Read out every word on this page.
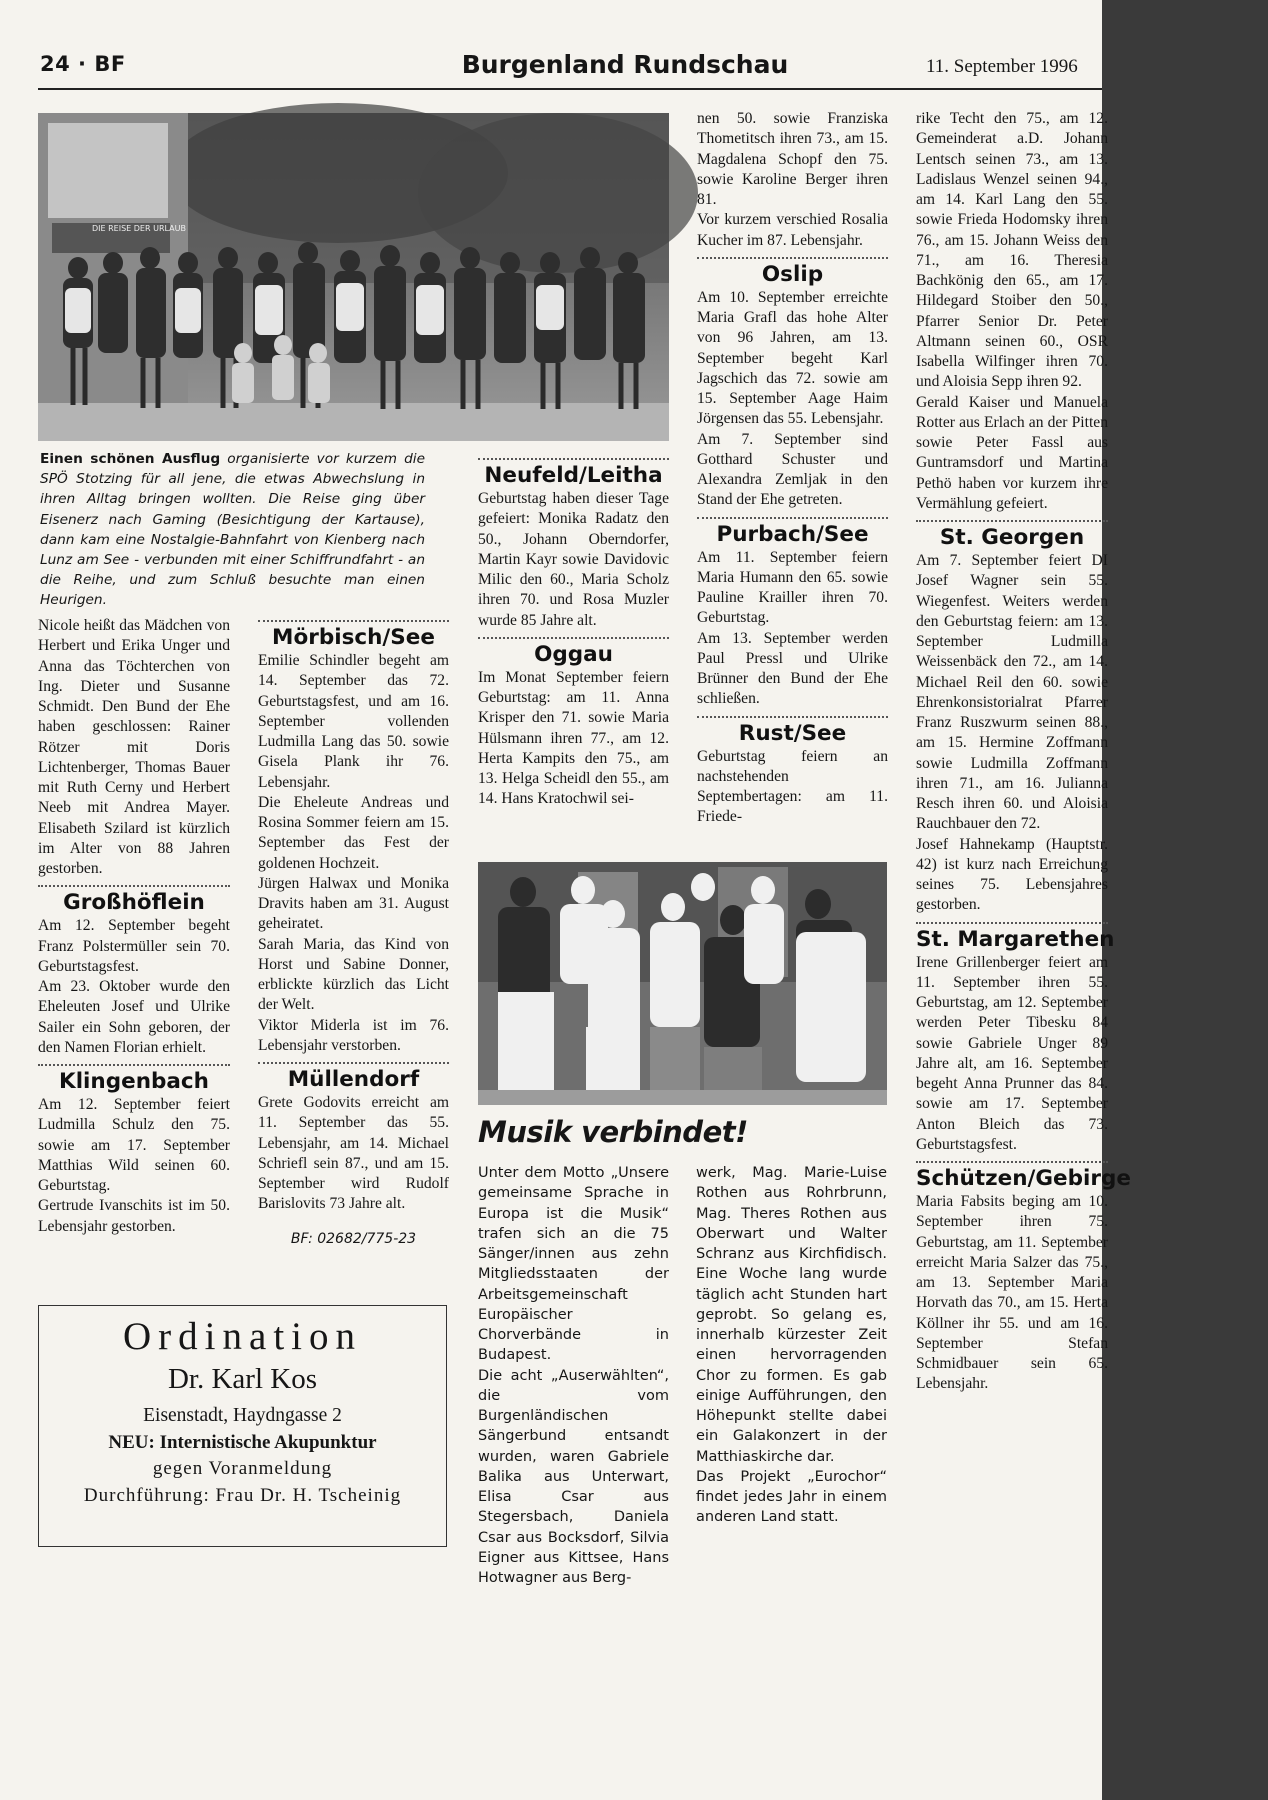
24 · BF	Burgenland Rundschau	11. September 1996
DIE REISE DER URLAUB
Einen schönen Ausflug organisierte vor kurzem die SPÖ Stotzing für all jene, die etwas Abwechslung in ihren Alltag bringen wollten. Die Reise ging über Eisenerz nach Gaming (Besichtigung der Kartause), dann kam eine Nostalgie-Bahnfahrt von Kienberg nach Lunz am See - verbunden mit einer Schiffrundfahrt - an die Reihe, und zum Schluß besuchte man einen Heurigen.

Nicole heißt das Mädchen von Herbert und Erika Unger und Anna das Töchterchen von Ing. Dieter und Susanne Schmidt. Den Bund der Ehe haben geschlossen: Rainer Rötzer mit Doris Lichtenberger, Thomas Bauer mit Ruth Cerny und Herbert Neeb mit Andrea Mayer. Elisabeth Szilard ist kürzlich im Alter von 88 Jahren gestorben.

Großhöflein

Am 12. September begeht Franz Polstermüller sein 70. Geburtstagsfest.

Am 23. Oktober wurde den Eheleuten Josef und Ulrike Sailer ein Sohn geboren, der den Namen Florian erhielt.

Klingenbach

Am 12. September feiert Ludmilla Schulz den 75. sowie am 17. September Matthias Wild seinen 60. Geburtstag.

Gertrude Ivanschits ist im 50. Lebensjahr gestorben.

Mörbisch/See

Emilie Schindler begeht am 14. September das 72. Geburtstagsfest, und am 16. September vollenden Ludmilla Lang das 50. sowie Gisela Plank ihr 76. Lebensjahr.

Die Eheleute Andreas und Rosina Sommer feiern am 15. September das Fest der goldenen Hochzeit.

Jürgen Halwax und Monika Dravits haben am 31. August geheiratet.

Sarah Maria, das Kind von Horst und Sabine Donner, erblickte kürzlich das Licht der Welt.

Viktor Miderla ist im 76. Lebensjahr verstorben.

Müllendorf

Grete Godovits erreicht am 11. September das 55. Lebensjahr, am 14. Michael Schriefl sein 87., und am 15. September wird Rudolf Barislovits 73 Jahre alt.

BF: 02682/775-23
Neufeld/Leitha

Geburtstag haben dieser Tage gefeiert: Monika Radatz den 50., Johann Oberndorfer, Martin Kayr sowie Davidovic Milic den 60., Maria Scholz ihren 70. und Rosa Muzler wurde 85 Jahre alt.

Oggau

Im Monat September feiern Geburtstag: am 11. Anna Krisper den 71. sowie Maria Hülsmann ihren 77., am 12. Herta Kampits den 75., am 13. Helga Scheidl den 55., am 14. Hans Kratochwil sei-

nen 50. sowie Franziska Thometitsch ihren 73., am 15. Magdalena Schopf den 75. sowie Karoline Berger ihren 81.

Vor kurzem verschied Rosalia Kucher im 87. Lebensjahr.

Oslip

Am 10. September erreichte Maria Grafl das hohe Alter von 96 Jahren, am 13. September begeht Karl Jagschich das 72. sowie am 15. September Aage Haim Jörgensen das 55. Lebensjahr.

Am 7. September sind Gotthard Schuster und Alexandra Zemljak in den Stand der Ehe getreten.

Purbach/See

Am 11. September feiern Maria Humann den 65. sowie Pauline Krailler ihren 70. Geburtstag.

Am 13. September werden Paul Pressl und Ulrike Brünner den Bund der Ehe schließen.

Rust/See

Geburtstag feiern an nachstehenden Septembertagen: am 11. Friede-

rike Techt den 75., am 12. Gemeinderat a.D. Johann Lentsch seinen 73., am 13. Ladislaus Wenzel seinen 94., am 14. Karl Lang den 55. sowie Frieda Hodomsky ihren 76., am 15. Johann Weiss den 71., am 16. Theresia Bachkönig den 65., am 17. Hildegard Stoiber den 50., Pfarrer Senior Dr. Peter Altmann seinen 60., OSR Isabella Wilfinger ihren 70. und Aloisia Sepp ihren 92.

Gerald Kaiser und Manuela Rotter aus Erlach an der Pitten sowie Peter Fassl aus Guntramsdorf und Martina Pethö haben vor kurzem ihre Vermählung gefeiert.

St. Georgen

Am 7. September feiert DI Josef Wagner sein 55. Wiegenfest. Weiters werden den Geburtstag feiern: am 13. September Ludmilla Weissenbäck den 72., am 14. Michael Reil den 60. sowie Ehrenkonsistorialrat Pfarrer Franz Ruszwurm seinen 88., am 15. Hermine Zoffmann sowie Ludmilla Zoffmann ihren 71., am 16. Julianna Resch ihren 60. und Aloisia Rauchbauer den 72.

Josef Hahnekamp (Hauptstr. 42) ist kurz nach Erreichung seines 75. Lebensjahres gestorben.

St. Margarethen

Irene Grillenberger feiert am 11. September ihren 55. Geburtstag, am 12. September werden Peter Tibesku 84 sowie Gabriele Unger 89 Jahre alt, am 16. September begeht Anna Prunner das 84. sowie am 17. September Anton Bleich das 73. Geburtstagsfest.

Schützen/Gebirge

Maria Fabsits beging am 10. September ihren 75. Geburtstag, am 11. September erreicht Maria Salzer das 75., am 13. September Maria Horvath das 70., am 15. Herta Köllner ihr 55. und am 16. September Stefan Schmidbauer sein 65. Lebensjahr.

Musik verbindet!

Unter dem Motto „Unsere gemeinsame Sprache in Europa ist die Musik“ trafen sich an die 75 Sänger/innen aus zehn Mitgliedsstaaten der Arbeitsgemeinschaft Europäischer Chorverbände in Budapest.

Die acht „Auserwählten“, die vom Burgenländischen Sängerbund entsandt wurden, waren Gabriele Balika aus Unterwart, Elisa Csar aus Stegersbach, Daniela Csar aus Bocksdorf, Silvia Eigner aus Kittsee, Hans Hotwagner aus Berg-

werk, Mag. Marie-Luise Rothen aus Rohrbrunn, Mag. Theres Rothen aus Oberwart und Walter Schranz aus Kirchfidisch. Eine Woche lang wurde täglich acht Stunden hart geprobt. So gelang es, innerhalb kürzester Zeit einen hervorragenden Chor zu formen. Es gab einige Aufführungen, den Höhepunkt stellte dabei ein Galakonzert in der Matthiaskirche dar.

Das Projekt „Eurochor“ findet jedes Jahr in einem anderen Land statt.

Ordination
Dr. Karl Kos
Eisenstadt, Haydngasse 2
NEU: Internistische Akupunktur
gegen Voranmeldung
Durchführung: Frau Dr. H. Tscheinig
